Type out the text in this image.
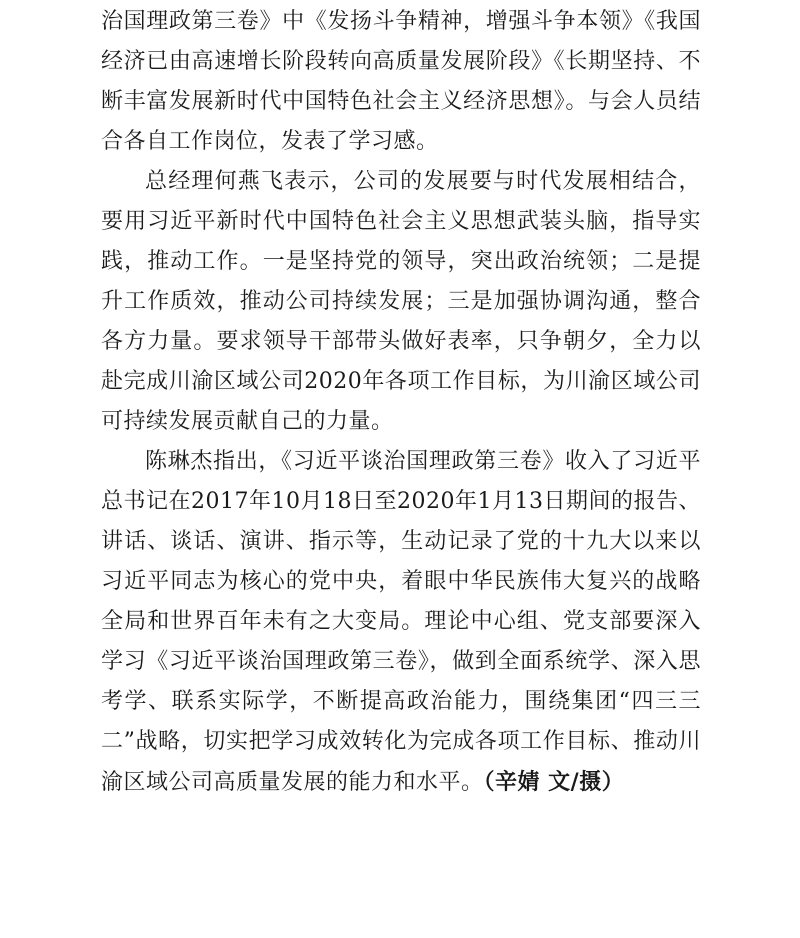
治国理政第三卷》中《发扬斗争精神，增强斗争本领》《我国经济已由高速增长阶段转向高质量发展阶段》《长期坚持、不断丰富发展新时代中国特色社会主义经济思想》。与会人员结合各自工作岗位，发表了学习感。

总经理何燕飞表示，公司的发展要与时代发展相结合，要用习近平新时代中国特色社会主义思想武装头脑，指导实践，推动工作。一是坚持党的领导，突出政治统领；二是提升工作质效，推动公司持续发展；三是加强协调沟通，整合各方力量。要求领导干部带头做好表率，只争朝夕，全力以赴完成川渝区域公司2020年各项工作目标，为川渝区域公司可持续发展贡献自己的力量。

陈琳杰指出，《习近平谈治国理政第三卷》收入了习近平总书记在2017年10月18日至2020年1月13日期间的报告、讲话、谈话、演讲、指示等，生动记录了党的十九大以来以习近平同志为核心的党中央，着眼中华民族伟大复兴的战略全局和世界百年未有之大变局。理论中心组、党支部要深入学习《习近平谈治国理政第三卷》，做到全面系统学、深入思考学、联系实际学，不断提高政治能力，围绕集团“四三三二”战略，切实把学习成效转化为完成各项工作目标、推动川渝区域公司高质量发展的能力和水平。（辛婧 文/摄）
